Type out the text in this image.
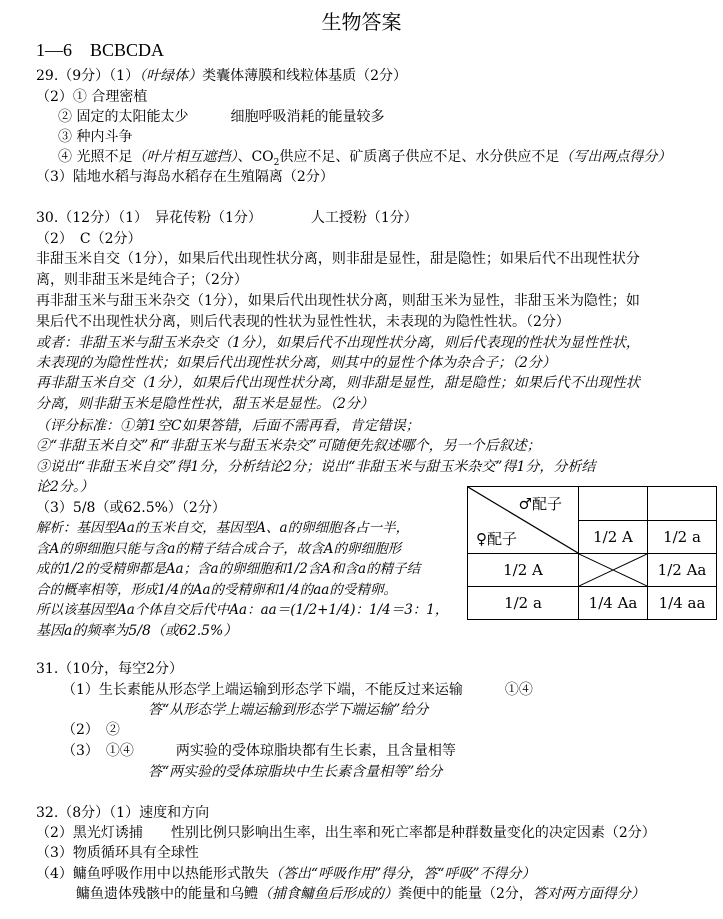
生物答案
1—6　BCBCDA
29.（9分）（1）（叶绿体）类囊体薄膜和线粒体基质（2分）
（2）① 合理密植
② 固定的太阳能太少　　　细胞呼吸消耗的能量较多
③ 种内斗争
④ 光照不足（叶片相互遮挡）、$CO_2$供应不足、矿质离子供应不足、水分供应不足（写出两点得分）
（3）陆地水稻与海岛水稻存在生殖隔离（2分）
30.（12分）（1）　异花传粉（1分）　　　　人工授粉（1分）
（2）　C（2分）
非甜玉米自交（1分），如果后代出现性状分离，则非甜是显性，甜是隐性；如果后代不出现性状分
离，则非甜玉米是纯合子；（2分）
再非甜玉米与甜玉米杂交（1分），如果后代出现性状分离，则甜玉米为显性，非甜玉米为隐性；如
果后代不出现性状分离，则后代表现的性状为显性性状，未表现的为隐性性状。（2分）
或者：非甜玉米与甜玉米杂交（1分），如果后代不出现性状分离，则后代表现的性状为显性性状，
未表现的为隐性性状；如果后代出现性状分离，则其中的显性个体为杂合子；（2分）
再非甜玉米自交（1分），如果后代出现性状分离，则非甜是显性，甜是隐性；如果后代不出现性状
分离，则非甜玉米是隐性性状，甜玉米是显性。（2分）
（评分标准：①第1空C如果答错，后面不需再看，肯定错误；
②“非甜玉米自交”和“非甜玉米与甜玉米杂交”可随便先叙述哪个，另一个后叙述；
③说出“非甜玉米自交”得1分，分析结论2分；说出“非甜玉米与甜玉米杂交”得1分，分析结
论2分。）
（3）5/8（或62.5%）（2分）
解析：基因型Aa的玉米自交，基因型A、a的卵细胞各占一半，
含A的卵细胞只能与含a的精子结合成合子，故含A的卵细胞形
成的1/2的受精卵都是Aa；含a的卵细胞和1/2含A和含a的精子结
合的概率相等，形成1/4的Aa的受精卵和1/4的aa的受精卵。
所以该基因型Aa个体自交后代中Aa：aa＝(1/2+1/4)：1/4＝3：1，
基因a的频率为5/8（或62.5%）
♂配子
♀配子		

	1/2 A	1/2 a
1/2 A		1/2 Aa
1/2 a	1/4 Aa	1/4 aa
31.（10分，每空2分）
（1）生长素能从形态学上端运输到形态学下端，不能反过来运输　　　①④
答“从形态学上端运输到形态学下端运输”给分
（2）　②
（3）　①④　　　两实验的受体琼脂块都有生长素，且含量相等
答“两实验的受体琼脂块中生长素含量相等”给分
32.（8分）（1）速度和方向
（2）黑光灯诱捕　　性别比例只影响出生率，出生率和死亡率都是种群数量变化的决定因素（2分）
（3）物质循环具有全球性
（4）鳙鱼呼吸作用中以热能形式散失（答出“呼吸作用”得分，答“呼吸”不得分）
鳙鱼遗体残骸中的能量和乌鳢（捕食鳙鱼后形成的）粪便中的能量（2分，答对两方面得分）
